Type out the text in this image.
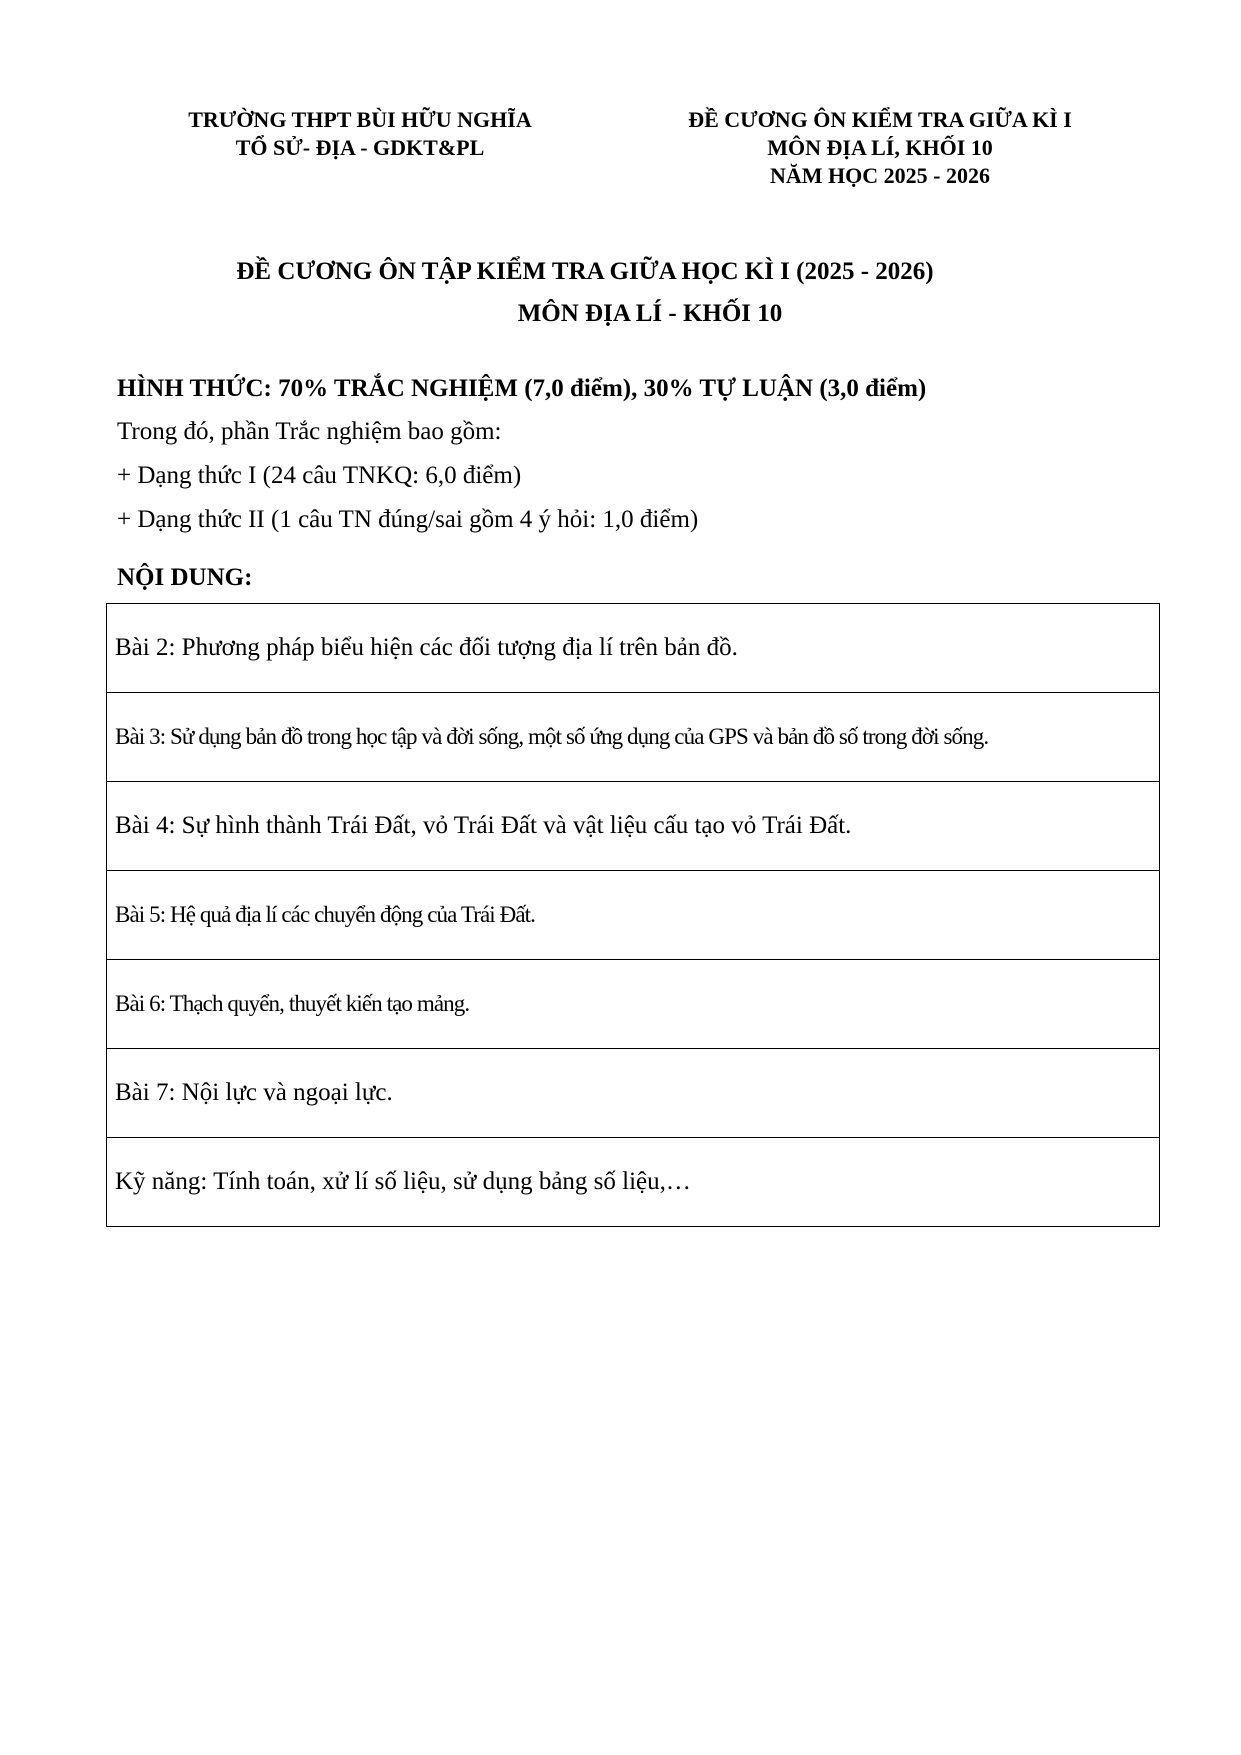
TRƯỜNG THPT BÙI HỮU NGHĨA
TỔ SỬ- ĐỊA - GDKT&PL
ĐỀ CƯƠNG ÔN KIỂM TRA GIỮA KÌ I
MÔN ĐỊA LÍ, KHỐI 10
NĂM HỌC 2025 - 2026
ĐỀ CƯƠNG ÔN TẬP KIỂM TRA GIỮA HỌC KÌ I (2025 - 2026)
MÔN ĐỊA LÍ - KHỐI 10
HÌNH THỨC: 70% TRẮC NGHIỆM (7,0 điểm), 30% TỰ LUẬN (3,0 điểm)
Trong đó, phần Trắc nghiệm bao gồm:
+ Dạng thức I (24 câu TNKQ: 6,0 điểm)
+ Dạng thức II (1 câu TN đúng/sai gồm 4 ý hỏi: 1,0 điểm)
NỘI DUNG:
Bài 2: Phương pháp biểu hiện các đối tượng địa lí trên bản đồ.
Bài 3: Sử dụng bản đồ trong học tập và đời sống, một số ứng dụng của GPS và bản đồ số trong đời sống.
Bài 4: Sự hình thành Trái Đất, vỏ Trái Đất và vật liệu cấu tạo vỏ Trái Đất.
Bài 5: Hệ quả địa lí các chuyển động của Trái Đất.
Bài 6: Thạch quyển, thuyết kiến tạo mảng.
Bài 7: Nội lực và ngoại lực.
Kỹ năng: Tính toán, xử lí số liệu, sử dụng bảng số liệu,…
